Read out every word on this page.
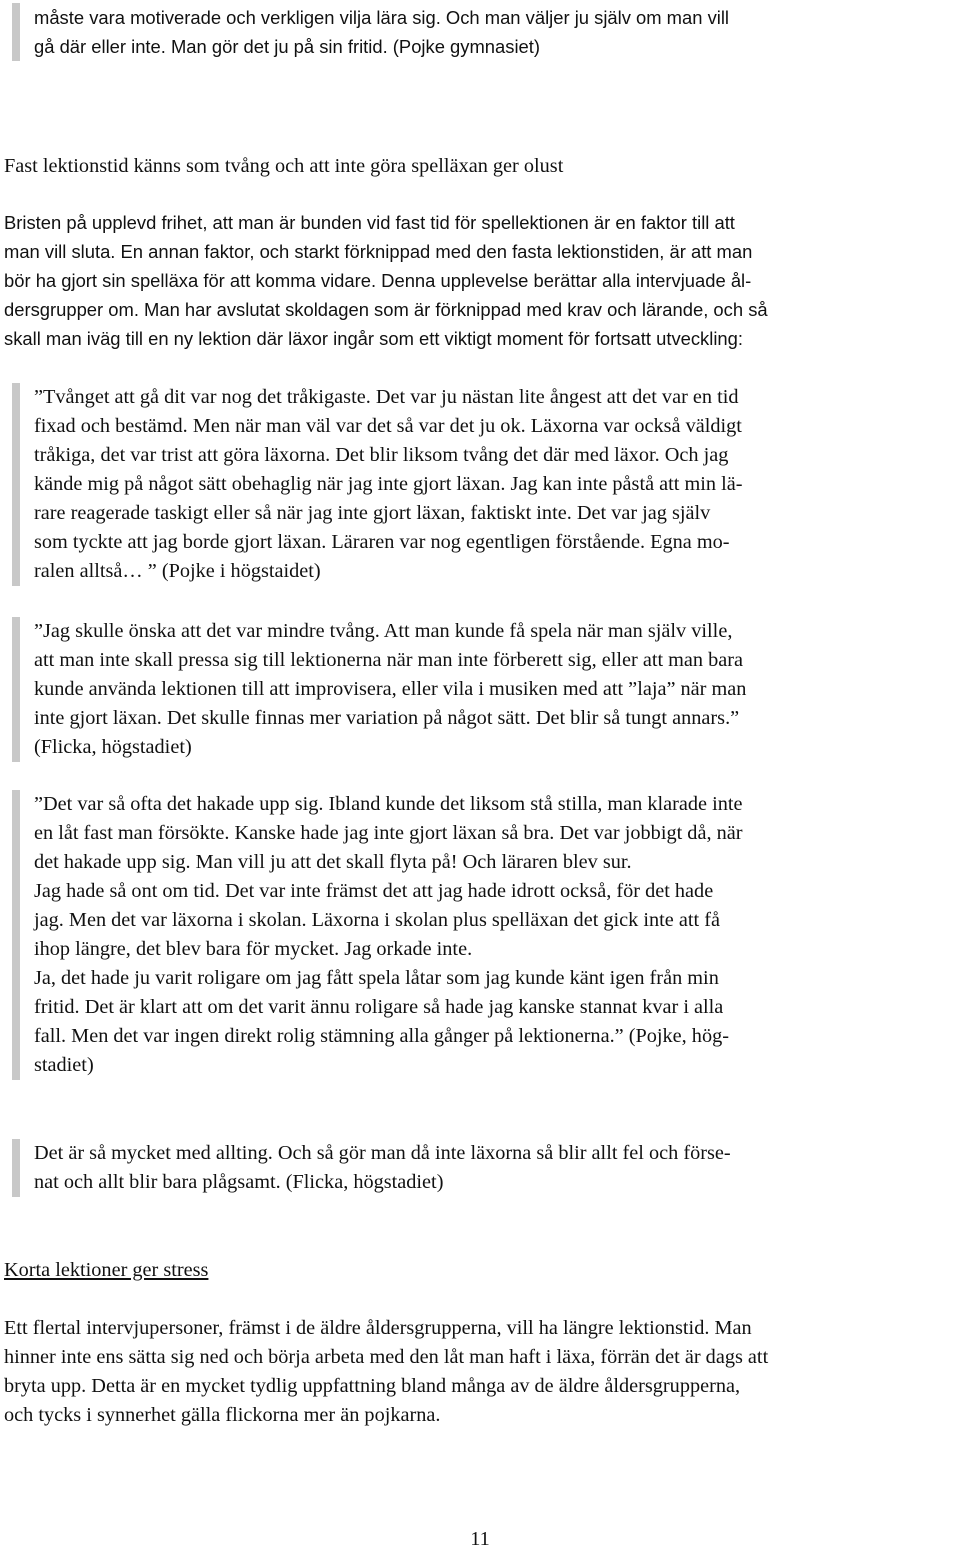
måste vara motiverade och verkligen vilja lära sig. Och man väljer ju själv om man vill
gå där eller inte. Man gör det ju på sin fritid. (Pojke gymnasiet)
Fast lektionstid känns som tvång och att inte göra spelläxan ger olust
Bristen på upplevd frihet, att man är bunden vid fast tid för spellektionen är en faktor till att
man vill sluta. En annan faktor, och starkt förknippad med den fasta lektionstiden, är att man
bör ha gjort sin spelläxa för att komma vidare. Denna upplevelse berättar alla intervjuade ål-
dersgrupper om. Man har avslutat skoldagen som är förknippad med krav och lärande, och så
skall man iväg till en ny lektion där läxor ingår som ett viktigt moment för fortsatt utveckling:
”Tvånget att gå dit var nog det tråkigaste. Det var ju nästan lite ångest att det var en tid
fixad och bestämd. Men när man väl var det så var det ju ok. Läxorna var också väldigt
tråkiga, det var trist att göra läxorna. Det blir liksom tvång det där med läxor. Och jag
kände mig på något sätt obehaglig när jag inte gjort läxan. Jag kan inte påstå att min lä-
rare reagerade taskigt eller så när jag inte gjort läxan, faktiskt inte. Det var jag själv
som tyckte att jag borde gjort läxan. Läraren var nog egentligen förstående. Egna mo-
ralen alltså… ” (Pojke i högstaidet)
”Jag skulle önska att det var mindre tvång. Att man kunde få spela när man själv ville,
att man inte skall pressa sig till lektionerna när man inte förberett sig, eller att man bara
kunde använda lektionen till att improvisera, eller vila i musiken med att ”laja” när man
inte gjort läxan. Det skulle finnas mer variation på något sätt. Det blir så tungt annars.”
(Flicka, högstadiet)
”Det var så ofta det hakade upp sig. Ibland kunde det liksom stå stilla, man klarade inte
en låt fast man försökte. Kanske hade jag inte gjort läxan så bra. Det var jobbigt då, när
det hakade upp sig. Man vill ju att det skall flyta på! Och läraren blev sur.
Jag hade så ont om tid. Det var inte främst det att jag hade idrott också, för det hade
jag. Men det var läxorna i skolan. Läxorna i skolan plus spelläxan det gick inte att få
ihop längre, det blev bara för mycket. Jag orkade inte.
Ja, det hade ju varit roligare om jag fått spela låtar som jag kunde känt igen från min
fritid. Det är klart att om det varit ännu roligare så hade jag kanske stannat kvar i alla
fall. Men det var ingen direkt rolig stämning alla gånger på lektionerna.” (Pojke, hög-
stadiet)
Det är så mycket med allting. Och så gör man då inte läxorna så blir allt fel och förse-
nat och allt blir bara plågsamt. (Flicka, högstadiet)
Korta lektioner ger stress
Ett flertal intervjupersoner, främst i de äldre åldersgrupperna, vill ha längre lektionstid. Man
hinner inte ens sätta sig ned och börja arbeta med den låt man haft i läxa, förrän det är dags att
bryta upp. Detta är en mycket tydlig uppfattning bland många av de äldre åldersgrupperna,
och tycks i synnerhet gälla flickorna mer än pojkarna.
11
